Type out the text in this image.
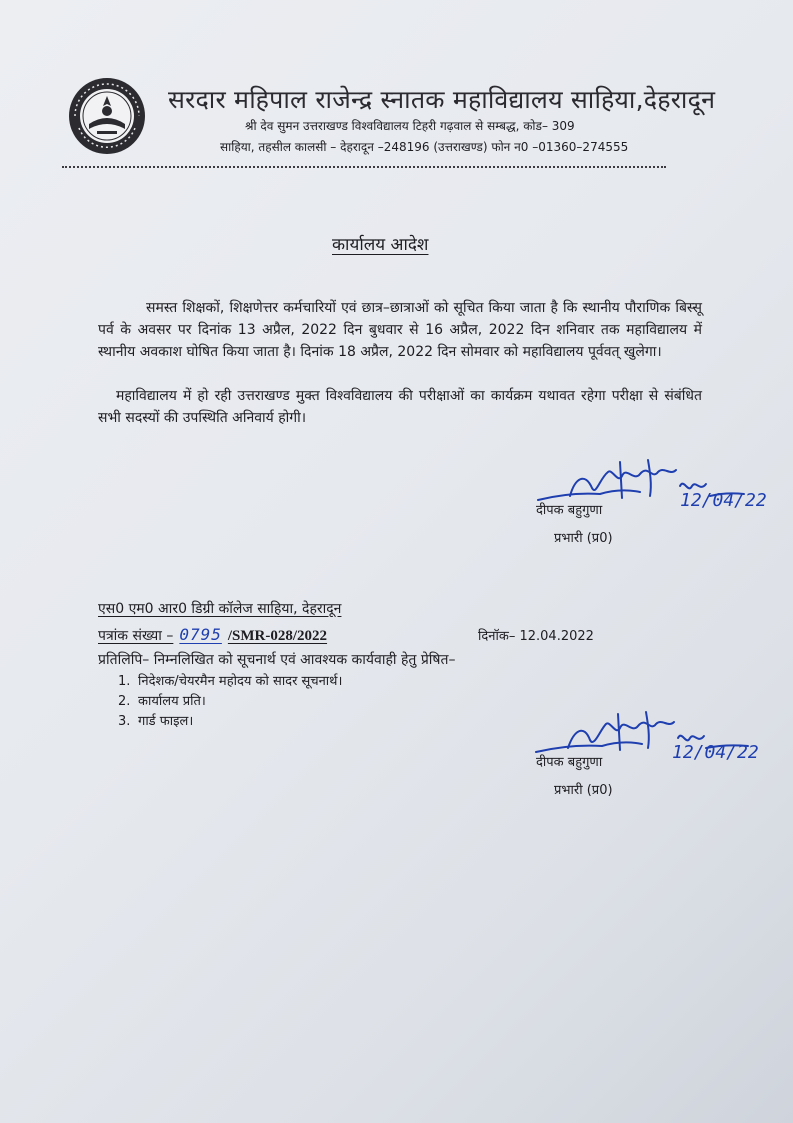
सरदार महिपाल राजेन्द्र स्नातक महाविद्यालय साहिया,देहरादून
श्री देव सुमन उत्तराखण्ड विश्वविद्यालय टिहरी गढ़वाल से सम्बद्ध, कोड– 309
साहिया, तहसील कालसी – देहरादून –248196 (उत्तराखण्ड) फोन न0 –01360–274555
कार्यालय आदेश
समस्त शिक्षकों, शिक्षणेत्तर कर्मचारियों एवं छात्र–छात्राओं को सूचित किया जाता है कि स्थानीय पौराणिक बिस्सू पर्व के अवसर पर दिनांक 13 अप्रैल, 2022 दिन बुधवार से 16 अप्रैल, 2022 दिन शनिवार तक महाविद्यालय में स्थानीय अवकाश घोषित किया जाता है। दिनांक 18 अप्रैल, 2022 दिन सोमवार को महाविद्यालय पूर्ववत् खुलेगा।
महाविद्यालय में हो रही उत्तराखण्ड मुक्त विश्वविद्यालय की परीक्षाओं का कार्यक्रम यथावत रहेगा परीक्षा से संबंधित सभी सदस्यों की उपस्थिति अनिवार्य होगी।
12/04/22
दीपक बहुगुणा
प्रभारी (प्र0)
एस0 एम0 आर0 डिग्री कॉलेज साहिया, देहरादून
पत्रांक संख्या – 0795 /SMR-028/2022	दिनॉक– 12.04.2022
प्रतिलिपि– निम्नलिखित को सूचनार्थ एवं आवश्यक कार्यवाही हेतु प्रेषित–
1. निदेशक/चेयरमैन महोदय को सादर सूचनार्थ।
2. कार्यालय प्रति।
3. गार्ड फाइल।
12/04/22
दीपक बहुगुणा
प्रभारी (प्र0)
